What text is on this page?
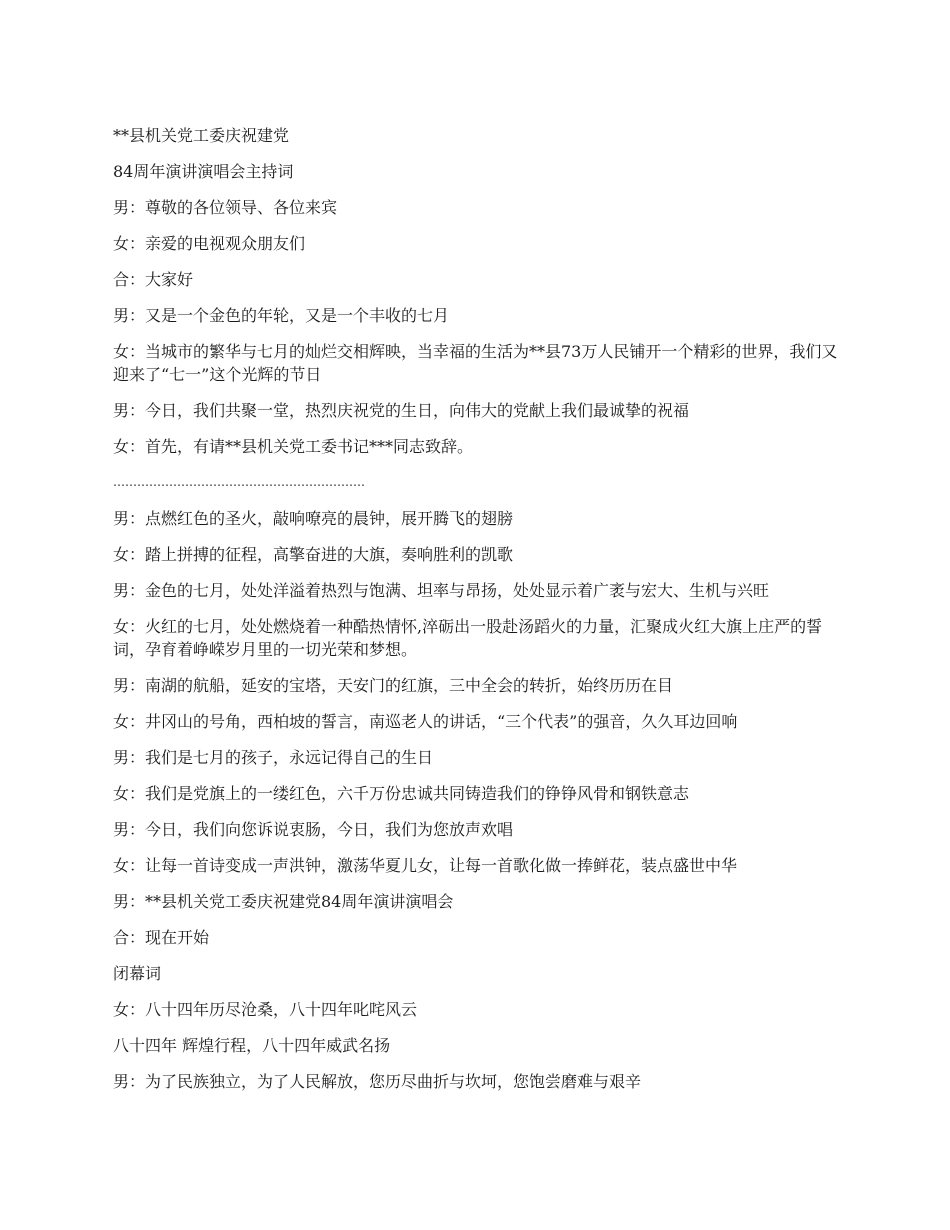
**县机关党工委庆祝建党

84周年演讲演唱会主持词

男：尊敬的各位领导、各位来宾

女：亲爱的电视观众朋友们

合：大家好

男：又是一个金色的年轮，又是一个丰收的七月

女：当城市的繁华与七月的灿烂交相辉映，当幸福的生活为**县73万人民铺开一个精彩的世界，我们又迎来了“七一”这个光辉的节日

男：今日，我们共聚一堂，热烈庆祝党的生日，向伟大的党献上我们最诚挚的祝福

女：首先，有请**县机关党工委书记***同志致辞。

………………………………………………………

男：点燃红色的圣火，敲响嘹亮的晨钟，展开腾飞的翅膀

女：踏上拼搏的征程，高擎奋进的大旗，奏响胜利的凯歌

男：金色的七月，处处洋溢着热烈与饱满、坦率与昂扬，处处显示着广袤与宏大、生机与兴旺

女：火红的七月，处处燃烧着一种酷热情怀,淬砺出一股赴汤蹈火的力量，汇聚成火红大旗上庄严的誓词，孕育着峥嵘岁月里的一切光荣和梦想。

男：南湖的航船，延安的宝塔，天安门的红旗，三中全会的转折，始终历历在目

女：井冈山的号角，西柏坡的誓言，南巡老人的讲话，“三个代表”的强音，久久耳边回响

男：我们是七月的孩子，永远记得自己的生日

女：我们是党旗上的一缕红色，六千万份忠诚共同铸造我们的铮铮风骨和钢铁意志

男：今日，我们向您诉说衷肠，今日，我们为您放声欢唱

女：让每一首诗变成一声洪钟，激荡华夏儿女，让每一首歌化做一捧鲜花，装点盛世中华

男：**县机关党工委庆祝建党84周年演讲演唱会

合：现在开始

闭幕词

女：八十四年历尽沧桑，八十四年叱咤风云

八十四年 辉煌行程，八十四年威武名扬

男：为了民族独立，为了人民解放，您历尽曲折与坎坷，您饱尝磨难与艰辛
